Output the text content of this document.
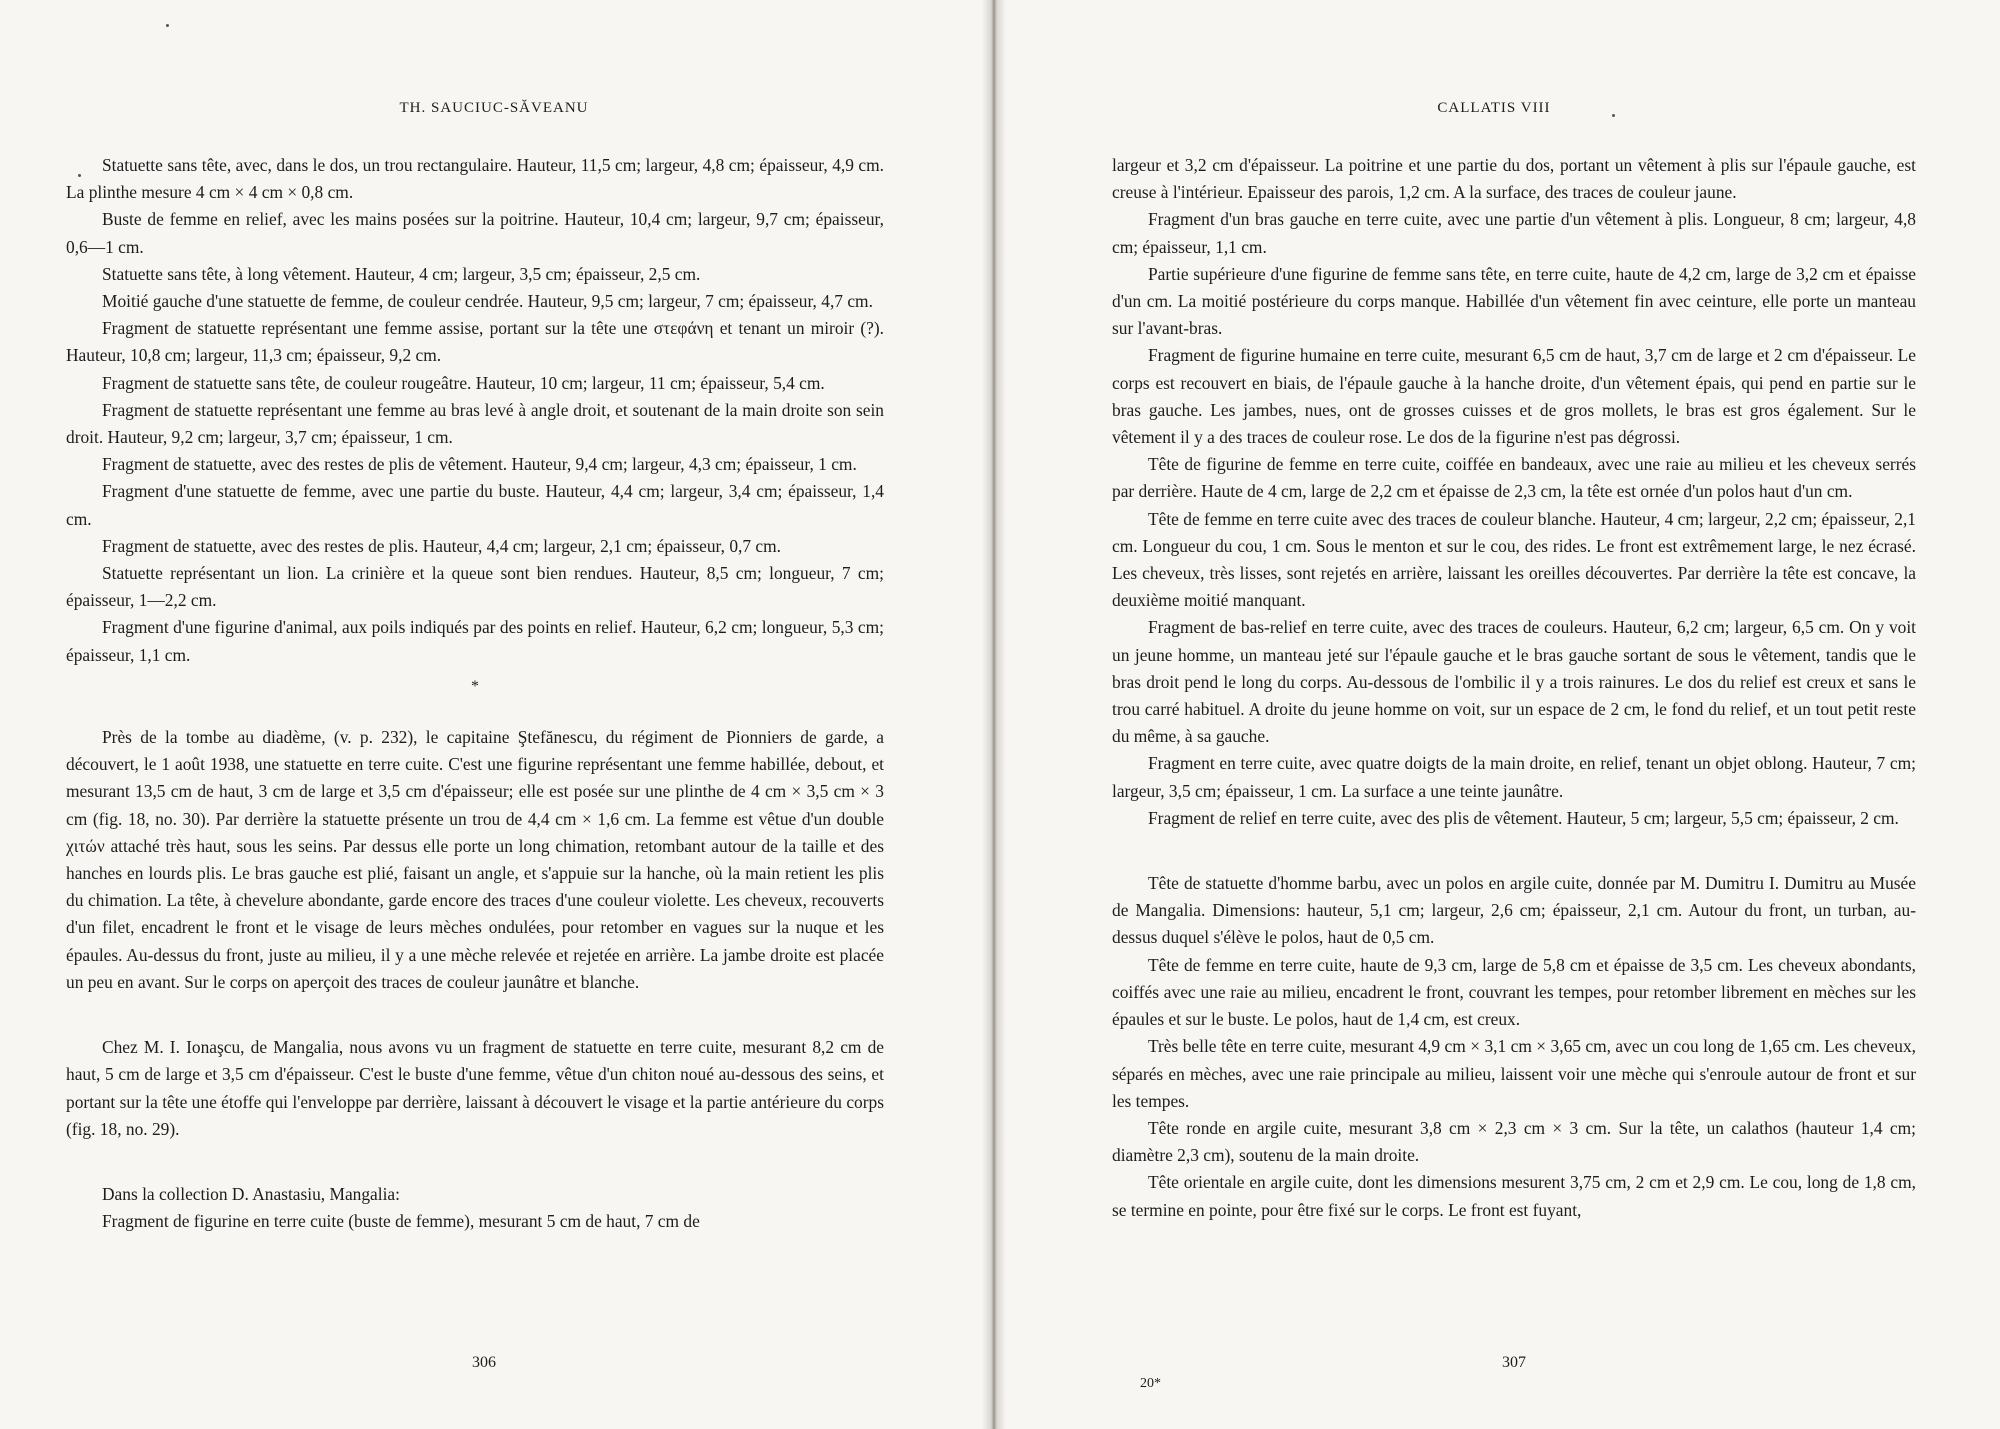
TH. SAUCIUC-SĂVEANU
306
CALLATIS VIII
307
20*

Statuette sans tête, avec, dans le dos, un trou rectangulaire. Hauteur, 11,5 cm; largeur, 4,8 cm; épaisseur, 4,9 cm. La plinthe mesure 4 cm × 4 cm × 0,8 cm.

Buste de femme en relief, avec les mains posées sur la poitrine. Hauteur, 10,4 cm; largeur, 9,7 cm; épaisseur, 0,6—1 cm.

Statuette sans tête, à long vêtement. Hauteur, 4 cm; largeur, 3,5 cm; épaisseur, 2,5 cm.

Moitié gauche d'une statuette de femme, de couleur cendrée. Hauteur, 9,5 cm; largeur, 7 cm; épaisseur, 4,7 cm.

Fragment de statuette représentant une femme assise, portant sur la tête une στεφάνη et tenant un miroir (?). Hauteur, 10,8 cm; largeur, 11,3 cm; épaisseur, 9,2 cm.

Fragment de statuette sans tête, de couleur rougeâtre. Hauteur, 10 cm; largeur, 11 cm; épaisseur, 5,4 cm.

Fragment de statuette représentant une femme au bras levé à angle droit, et soutenant de la main droite son sein droit. Hauteur, 9,2 cm; largeur, 3,7 cm; épaisseur, 1 cm.

Fragment de statuette, avec des restes de plis de vêtement. Hauteur, 9,4 cm; largeur, 4,3 cm; épaisseur, 1 cm.

Fragment d'une statuette de femme, avec une partie du buste. Hauteur, 4,4 cm; largeur, 3,4 cm; épaisseur, 1,4 cm.

Fragment de statuette, avec des restes de plis. Hauteur, 4,4 cm; largeur, 2,1 cm; épaisseur, 0,7 cm.

Statuette représentant un lion. La crinière et la queue sont bien rendues. Hauteur, 8,5 cm; longueur, 7 cm; épaisseur, 1—2,2 cm.

Fragment d'une figurine d'animal, aux poils indiqués par des points en relief. Hauteur, 6,2 cm; longueur, 5,3 cm; épaisseur, 1,1 cm.

*

Près de la tombe au diadème, (v. p. 232), le capitaine Ştefănescu, du régiment de Pionniers de garde, a découvert, le 1 août 1938, une statuette en terre cuite. C'est une figurine représentant une femme habillée, debout, et mesurant 13,5 cm de haut, 3 cm de large et 3,5 cm d'épaisseur; elle est posée sur une plinthe de 4 cm × 3,5 cm × 3 cm (fig. 18, no. 30). Par derrière la statuette présente un trou de 4,4 cm × 1,6 cm. La femme est vêtue d'un double χιτών attaché très haut, sous les seins. Par dessus elle porte un long chimation, retombant autour de la taille et des hanches en lourds plis. Le bras gauche est plié, faisant un angle, et s'appuie sur la hanche, où la main retient les plis du chimation. La tête, à chevelure abondante, garde encore des traces d'une couleur violette. Les cheveux, recouverts d'un filet, encadrent le front et le visage de leurs mèches ondulées, pour retomber en vagues sur la nuque et les épaules. Au-dessus du front, juste au milieu, il y a une mèche relevée et rejetée en arrière. La jambe droite est placée un peu en avant. Sur le corps on aperçoit des traces de couleur jaunâtre et blanche.

Chez M. I. Ionaşcu, de Mangalia, nous avons vu un fragment de statuette en terre cuite, mesurant 8,2 cm de haut, 5 cm de large et 3,5 cm d'épaisseur. C'est le buste d'une femme, vêtue d'un chiton noué au-dessous des seins, et portant sur la tête une étoffe qui l'enveloppe par derrière, laissant à découvert le visage et la partie antérieure du corps (fig. 18, no. 29).

Dans la collection D. Anastasiu, Mangalia:

Fragment de figurine en terre cuite (buste de femme), mesurant 5 cm de haut, 7 cm de

largeur et 3,2 cm d'épaisseur. La poitrine et une partie du dos, portant un vêtement à plis sur l'épaule gauche, est creuse à l'intérieur. Epaisseur des parois, 1,2 cm. A la surface, des traces de couleur jaune.

Fragment d'un bras gauche en terre cuite, avec une partie d'un vêtement à plis. Longueur, 8 cm; largeur, 4,8 cm; épaisseur, 1,1 cm.

Partie supérieure d'une figurine de femme sans tête, en terre cuite, haute de 4,2 cm, large de 3,2 cm et épaisse d'un cm. La moitié postérieure du corps manque. Habillée d'un vêtement fin avec ceinture, elle porte un manteau sur l'avant-bras.

Fragment de figurine humaine en terre cuite, mesurant 6,5 cm de haut, 3,7 cm de large et 2 cm d'épaisseur. Le corps est recouvert en biais, de l'épaule gauche à la hanche droite, d'un vêtement épais, qui pend en partie sur le bras gauche. Les jambes, nues, ont de grosses cuisses et de gros mollets, le bras est gros également. Sur le vêtement il y a des traces de couleur rose. Le dos de la figurine n'est pas dégrossi.

Tête de figurine de femme en terre cuite, coiffée en bandeaux, avec une raie au milieu et les cheveux serrés par derrière. Haute de 4 cm, large de 2,2 cm et épaisse de 2,3 cm, la tête est ornée d'un polos haut d'un cm.

Tête de femme en terre cuite avec des traces de couleur blanche. Hauteur, 4 cm; largeur, 2,2 cm; épaisseur, 2,1 cm. Longueur du cou, 1 cm. Sous le menton et sur le cou, des rides. Le front est extrêmement large, le nez écrasé. Les cheveux, très lisses, sont rejetés en arrière, laissant les oreilles découvertes. Par derrière la tête est concave, la deuxième moitié manquant.

Fragment de bas-relief en terre cuite, avec des traces de couleurs. Hauteur, 6,2 cm; largeur, 6,5 cm. On y voit un jeune homme, un manteau jeté sur l'épaule gauche et le bras gauche sortant de sous le vêtement, tandis que le bras droit pend le long du corps. Au-dessous de l'ombilic il y a trois rainures. Le dos du relief est creux et sans le trou carré habituel. A droite du jeune homme on voit, sur un espace de 2 cm, le fond du relief, et un tout petit reste du même, à sa gauche.

Fragment en terre cuite, avec quatre doigts de la main droite, en relief, tenant un objet oblong. Hauteur, 7 cm; largeur, 3,5 cm; épaisseur, 1 cm. La surface a une teinte jaunâtre.

Fragment de relief en terre cuite, avec des plis de vêtement. Hauteur, 5 cm; largeur, 5,5 cm; épaisseur, 2 cm.

Tête de statuette d'homme barbu, avec un polos en argile cuite, donnée par M. Dumitru I. Dumitru au Musée de Mangalia. Dimensions: hauteur, 5,1 cm; largeur, 2,6 cm; épaisseur, 2,1 cm. Autour du front, un turban, au-dessus duquel s'élève le polos, haut de 0,5 cm.

Tête de femme en terre cuite, haute de 9,3 cm, large de 5,8 cm et épaisse de 3,5 cm. Les cheveux abondants, coiffés avec une raie au milieu, encadrent le front, couvrant les tempes, pour retomber librement en mèches sur les épaules et sur le buste. Le polos, haut de 1,4 cm, est creux.

Très belle tête en terre cuite, mesurant 4,9 cm × 3,1 cm × 3,65 cm, avec un cou long de 1,65 cm. Les cheveux, séparés en mèches, avec une raie principale au milieu, laissent voir une mèche qui s'enroule autour de front et sur les tempes.

Tête ronde en argile cuite, mesurant 3,8 cm × 2,3 cm × 3 cm. Sur la tête, un calathos (hauteur 1,4 cm; diamètre 2,3 cm), soutenu de la main droite.

Tête orientale en argile cuite, dont les dimensions mesurent 3,75 cm, 2 cm et 2,9 cm. Le cou, long de 1,8 cm, se termine en pointe, pour être fixé sur le corps. Le front est fuyant,
